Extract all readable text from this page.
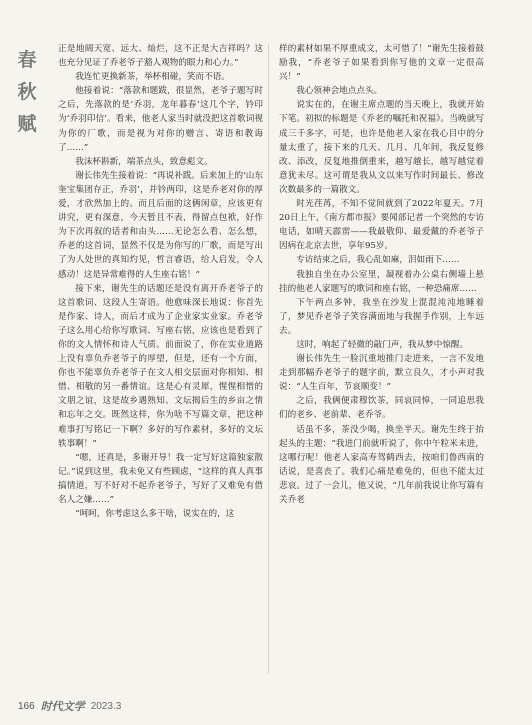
春
秋
赋

正是地阔天宽、远大、灿烂，这不正是大吉祥吗？这也充分见证了乔老爷子豁人观物的眼力和心力。”

我连忙更换新茶，举杯相碰，笑而不语。

他接着说：“落款和题跋，很显然，老爷子题写时之后，先落款的是‘乔羽，龙年暮春’这几个字，钤印为‘乔羽印信’。看来，他老人家当时就没把这首歌词视为你的厂歌，而是视为对你的赠言、寄语和教诲了……”

我沫杯斟新，端茶点头，致意彪文。

谢长伟先生接着说：“再说补跋。后来加上的‘山东奎宝集团存正，乔羽’，并钤两印，这是乔老对你的厚爱，才欣然加上的。而且后面的这俩闲章，应该更有讲究，更有深意，今天暂且不表，得留点包袱，好作为下次再叙的话者和由头……无论怎么看、怎么想，乔老的这首词，显然不仅是为你写的厂歌，而是写出了为人处世的真知灼见，哲言睿语，给人启发，令人感动！这是异常难得的人生座右铭！”

接下来，谢先生的话题还是没有离开乔老爷子的这首歌词、这段人生寄语。他愈味深长地说：你首先是作家、诗人，而后才成为了企业家实业家。乔老爷子这么用心给你写歌词、写座右铭，应该也是看到了你的文人情怀和诗人气质。前面说了，你在实业道路上没有辜负乔老爷子的厚望，但是，还有一个方面，你也不能辜负乔老爷子在文人相交层面对你相知、相惜、相敬的另一番情谊。这是心有灵犀，惺惺相惜的文朋之谊，这是故乡遇熟知、文坛揭后生的乡亩之情和忘年之交。既然这样，你为啥不写篇文章，把这种难事打写铭记一下啊？多好的写作素材，多好的文坛轶事啊！”

“嗯，还真是，多谢开导！我一定写好这篇独家散记。”说到这里，我未免又有些顾虑，“这样的真人真事搞情道，写不好对不起乔老爷子，写好了又难免有借名人之嫌……”

“呵呵，你考虑这么多干啥，说实在的，这

样的素材如果不厚重成文，太可惜了！”谢先生接着鼓励我，“乔老爷子如果看到你写他的文章一定很高兴！”

我心领神会地点点头。

说实在的，在谢主席点题的当天晚上，我就开始下笔。初拟的标题是《乔老的嘱托和祝福》。当晚就写成三千多字，可是，也许是他老人家在我心目中的分量太重了，接下来的几天、几月、几年间，我反复修改、添改，反复地推倒重来，越写越长，越写越觉着意犹未尽。这可谓是我从文以来写作时间最长、修改次数最多的一篇散文。

时光荏苒，不知不觉间就到了2022年夏天。7月20日上午，《南方都市报》要闻部记者一个突然的专访电话，如晴天霹雳——我最敬仰、最爱戴的乔老爷子因病在北京去世，享年95岁。

专访结束之后，我心乱如麻，泪如雨下……

我独自坐在办公室里，凝视着办公桌右侧墙上悬挂的他老人家题写的歌词和座右铭，一种恐痛席……

下午两点多钟，我坐在沙发上混混沌沌地睡着了，梦见乔老爷子笑容满面地与我握手作别，上车远去。

这时，响起了轻微的敲门声，我从梦中惊醒。

谢长伟先生一脸沉重地推门走进来，一言不发地走到那幅乔老爷子的题字前，默立良久，才小声对我说：“人生百年，节哀顺变！”

之后，我俩便肃穆饮茶，同哀同悼，一同追思我们的老乡、老前辈、老乔爷。

话虽不多，茶没少喝，换坐半天。谢先生终于抬起头的主题：“我进门前就听说了，你中午粒米未进，这哪行呢！他老人家高寿驾鹤西去，按咱们鲁西南的话说，是喜丧了。我们心痛是难免的，但也不能太过悲哀。过了一会儿，他又说，“几年前我说让你写篇有关乔老

166 时代文学 2023.3
